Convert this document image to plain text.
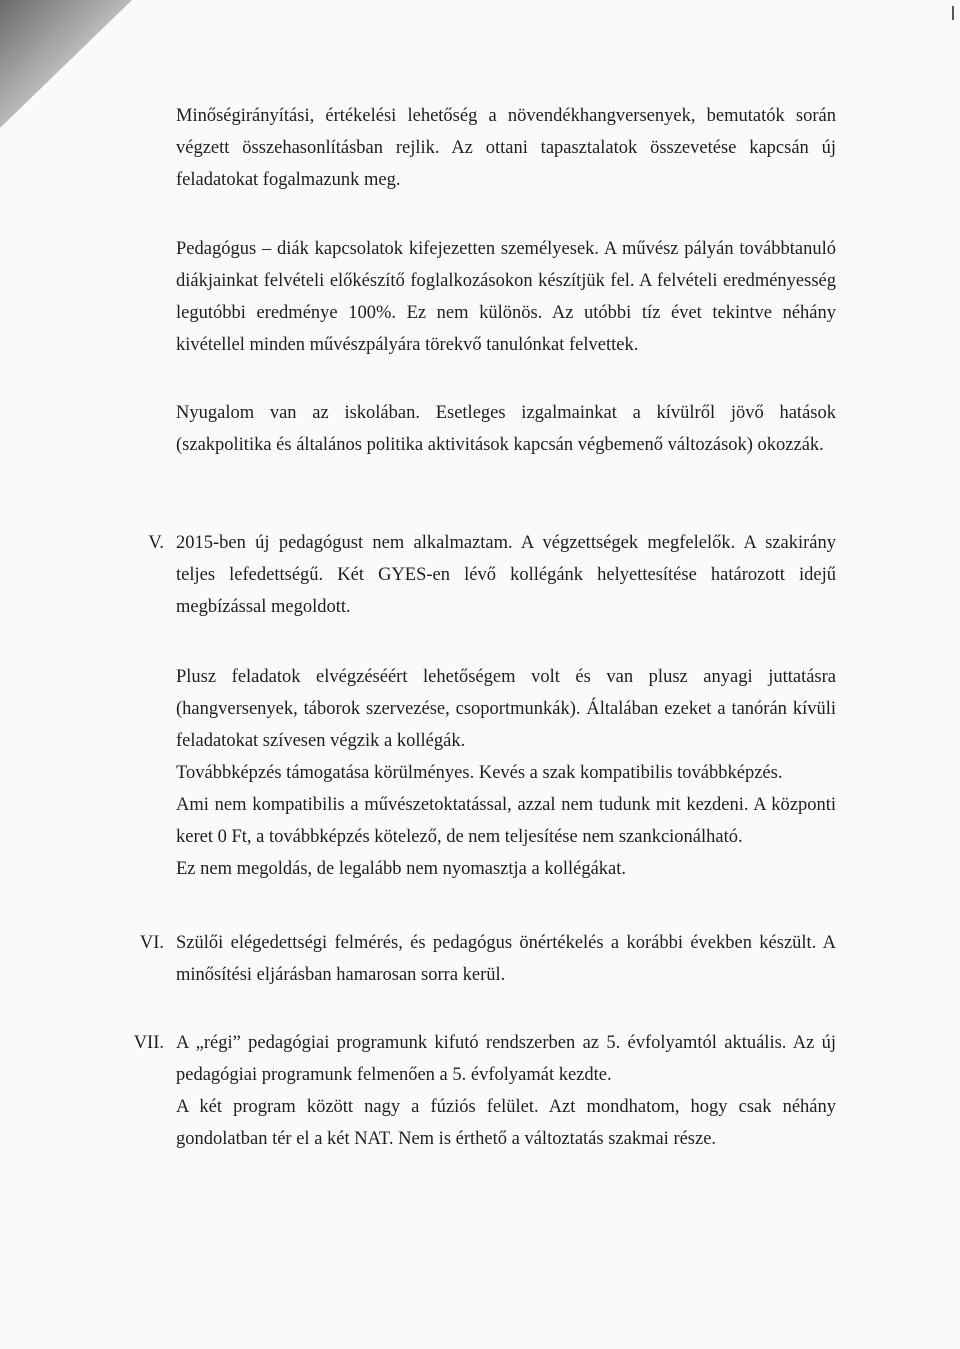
Minőségirányítási, értékelési lehetőség a növendékhangversenyek, bemutatók során végzett összehasonlításban rejlik. Az ottani tapasztalatok összevetése kapcsán új feladatokat fogalmazunk meg.

Pedagógus – diák kapcsolatok kifejezetten személyesek. A művész pályán továbbtanuló diákjainkat felvételi előkészítő foglalkozásokon készítjük fel. A felvételi eredményesség legutóbbi eredménye 100%. Ez nem különös. Az utóbbi tíz évet tekintve néhány kivétellel minden művészpályára törekvő tanulónkat felvettek.

Nyugalom van az iskolában. Esetleges izgalmainkat a kívülről jövő hatások (szakpolitika és általános politika aktivitások kapcsán végbemenő változások) okozzák.

V. 2015-ben új pedagógust nem alkalmaztam. A végzettségek megfelelők. A szakirány teljes lefedettségű. Két GYES-en lévő kollégánk helyettesítése határozott idejű megbízással megoldott.

Plusz feladatok elvégzéséért lehetőségem volt és van plusz anyagi juttatásra (hangversenyek, táborok szervezése, csoportmunkák). Általában ezeket a tanórán kívüli feladatokat szívesen végzik a kollégák.

Továbbképzés támogatása körülményes. Kevés a szak kompatibilis továbbképzés.

Ami nem kompatibilis a művészetoktatással, azzal nem tudunk mit kezdeni. A központi keret 0 Ft, a továbbképzés kötelező, de nem teljesítése nem szankcionálható.

Ez nem megoldás, de legalább nem nyomasztja a kollégákat.

VI. Szülői elégedettségi felmérés, és pedagógus önértékelés a korábbi években készült. A minősítési eljárásban hamarosan sorra kerül.

VII. A „régi” pedagógiai programunk kifutó rendszerben az 5. évfolyamtól aktuális. Az új pedagógiai programunk felmenően a 5. évfolyamát kezdte.

A két program között nagy a fúziós felület. Azt mondhatom, hogy csak néhány gondolatban tér el a két NAT. Nem is érthető a változtatás szakmai része.
